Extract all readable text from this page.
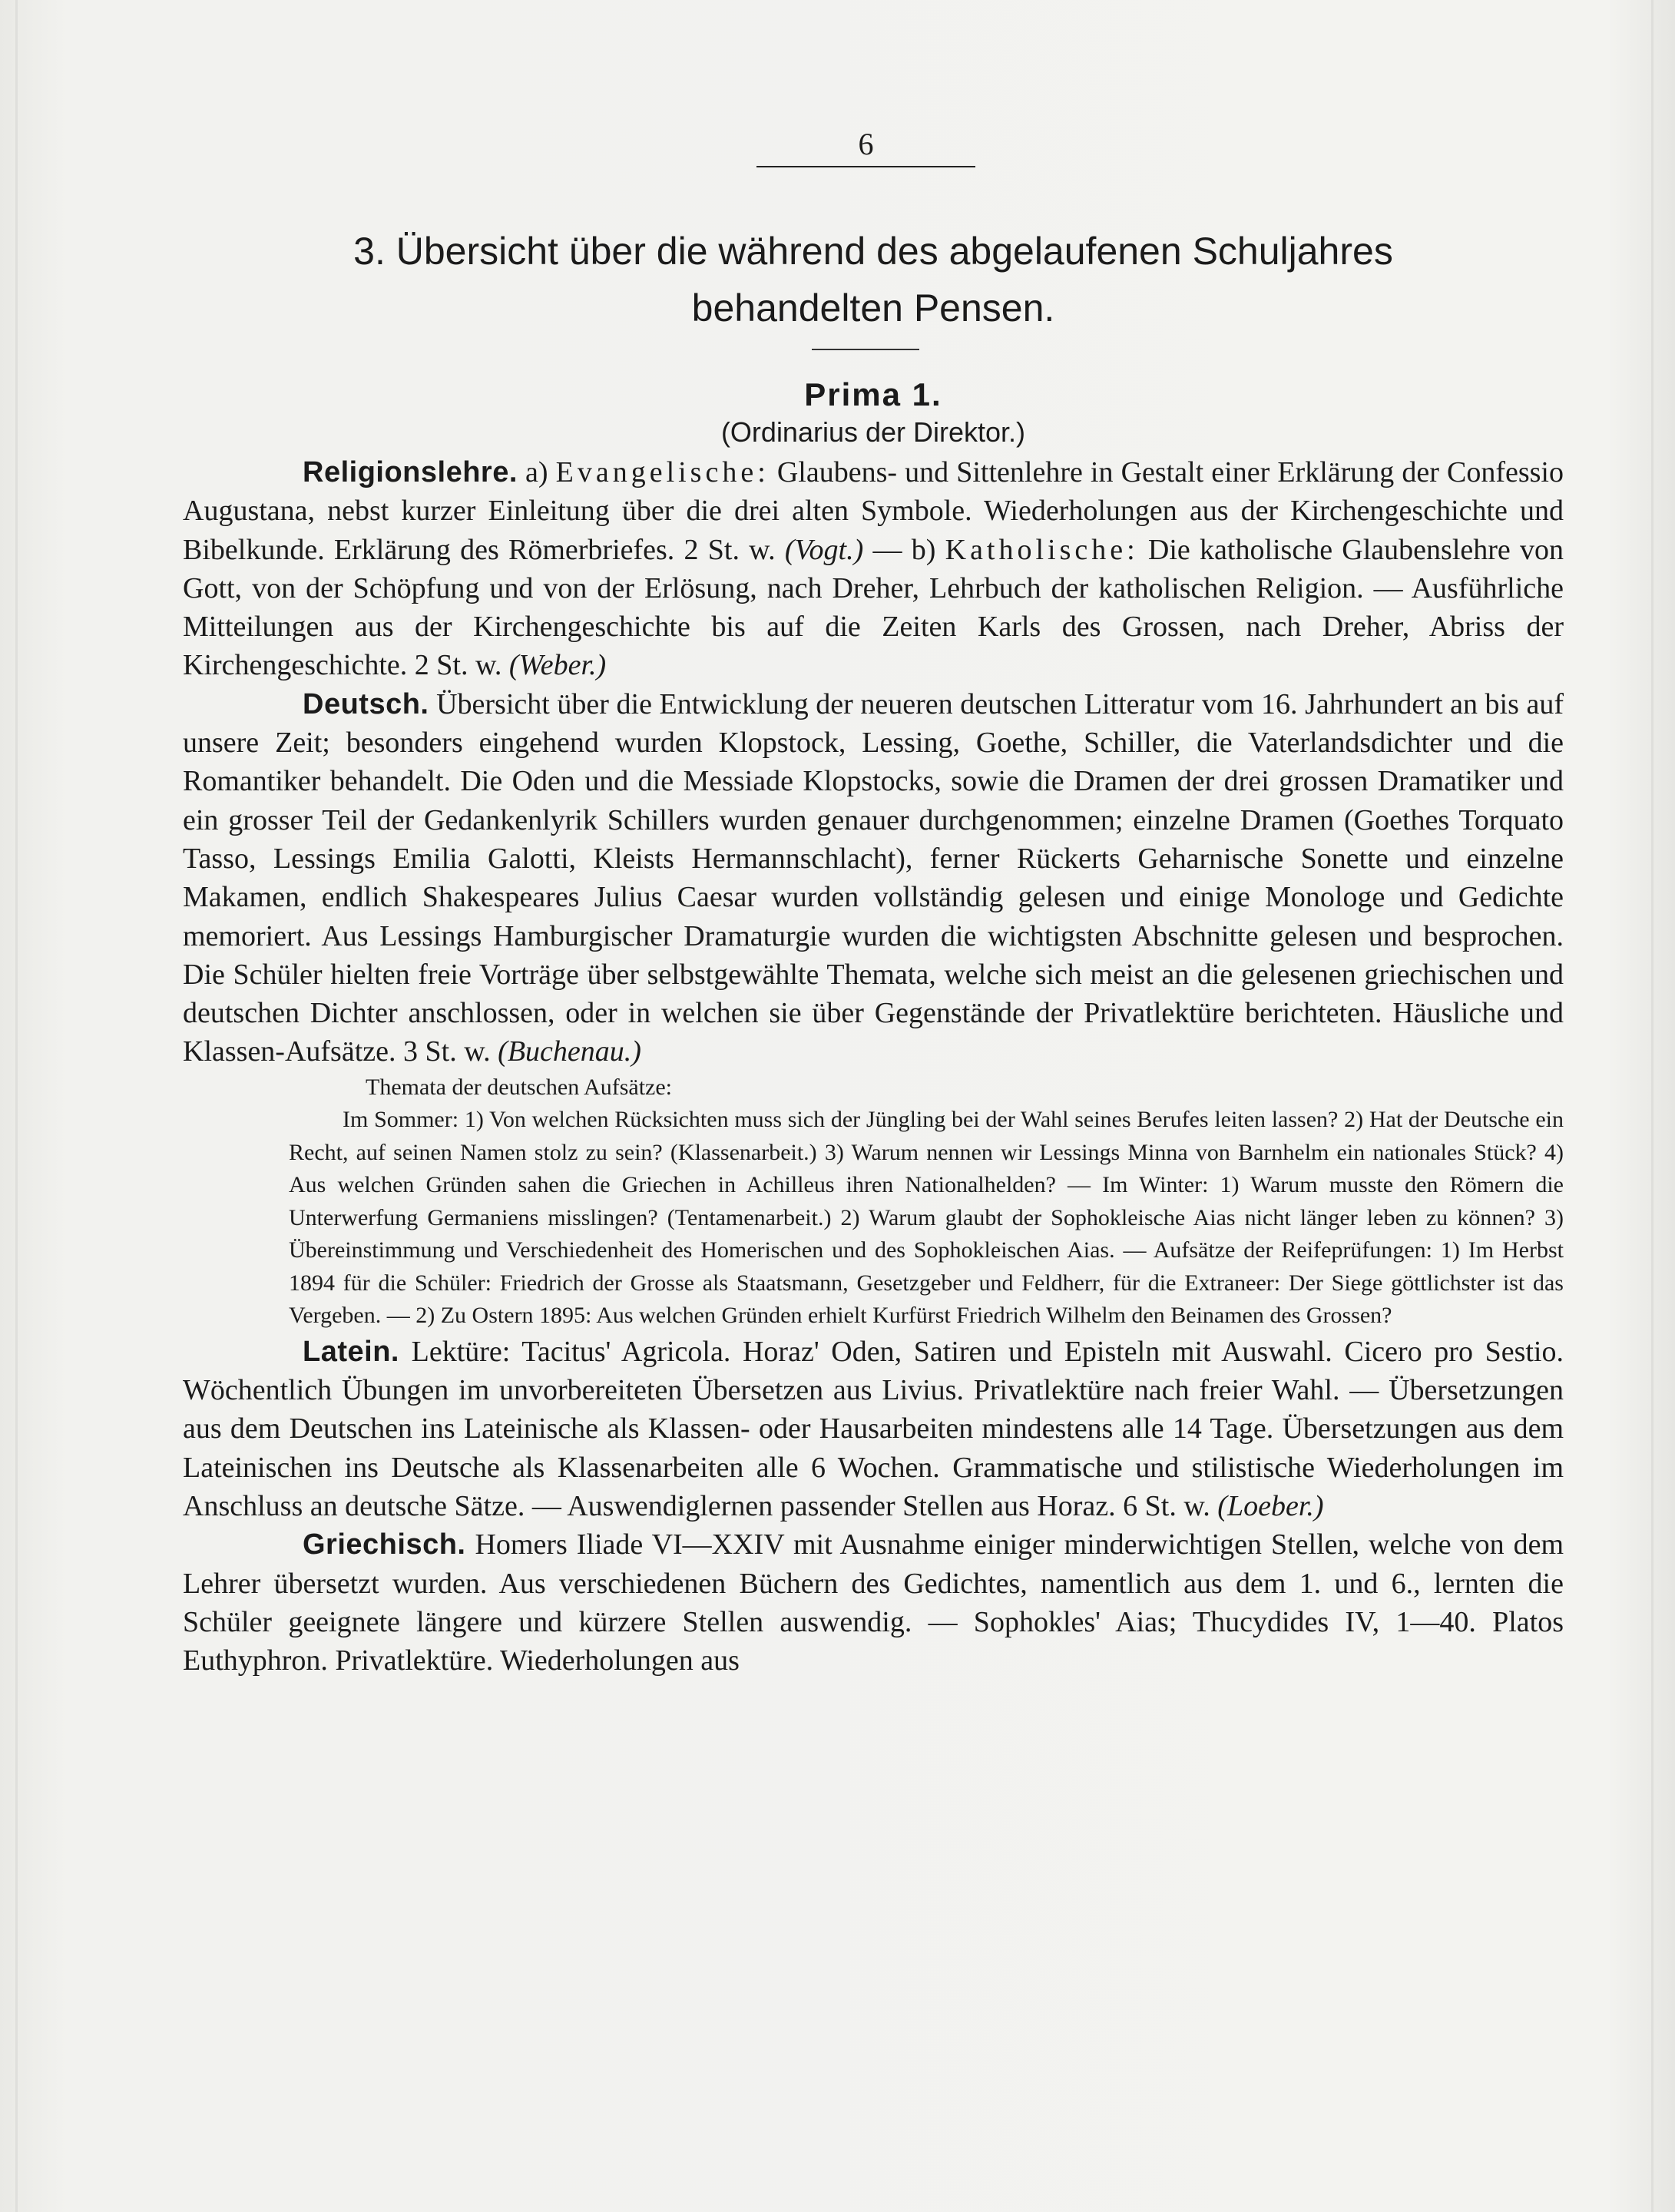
6
3. Übersicht über die während des abgelaufenen Schuljahres
behandelten Pensen.
Prima 1.
(Ordinarius der Direktor.)

Religionslehre. a) Evangelische: Glaubens- und Sittenlehre in Gestalt einer Erklärung der Confessio Augustana, nebst kurzer Einleitung über die drei alten Symbole. Wiederholungen aus der Kirchengeschichte und Bibelkunde. Erklärung des Römerbriefes. 2 St. w. (Vogt.) — b) Katholische: Die katholische Glaubenslehre von Gott, von der Schöpfung und von der Erlösung, nach Dreher, Lehrbuch der katholischen Religion. — Ausführliche Mitteilungen aus der Kirchengeschichte bis auf die Zeiten Karls des Grossen, nach Dreher, Abriss der Kirchengeschichte. 2 St. w. (Weber.)

Deutsch. Übersicht über die Entwicklung der neueren deutschen Litteratur vom 16. Jahrhundert an bis auf unsere Zeit; besonders eingehend wurden Klopstock, Lessing, Goethe, Schiller, die Vaterlandsdichter und die Romantiker behandelt. Die Oden und die Messiade Klopstocks, sowie die Dramen der drei grossen Dramatiker und ein grosser Teil der Gedankenlyrik Schillers wurden genauer durchgenommen; einzelne Dramen (Goethes Torquato Tasso, Lessings Emilia Galotti, Kleists Hermannschlacht), ferner Rückerts Geharnische Sonette und einzelne Makamen, endlich Shakespeares Julius Caesar wurden vollständig gelesen und einige Monologe und Gedichte memoriert. Aus Lessings Hamburgischer Dramaturgie wurden die wichtigsten Abschnitte gelesen und besprochen. Die Schüler hielten freie Vorträge über selbstgewählte Themata, welche sich meist an die gelesenen griechischen und deutschen Dichter anschlossen, oder in welchen sie über Gegenstände der Privatlektüre berichteten. Häusliche und Klassen-Aufsätze. 3 St. w. (Buchenau.)

Themata der deutschen Aufsätze:

Im Sommer: 1) Von welchen Rücksichten muss sich der Jüngling bei der Wahl seines Berufes leiten lassen? 2) Hat der Deutsche ein Recht, auf seinen Namen stolz zu sein? (Klassenarbeit.) 3) Warum nennen wir Lessings Minna von Barnhelm ein nationales Stück? 4) Aus welchen Gründen sahen die Griechen in Achilleus ihren Nationalhelden? — Im Winter: 1) Warum musste den Römern die Unterwerfung Germaniens misslingen? (Tentamenarbeit.) 2) Warum glaubt der Sophokleische Aias nicht länger leben zu können? 3) Übereinstimmung und Verschiedenheit des Homerischen und des Sophokleischen Aias. — Aufsätze der Reifeprüfungen: 1) Im Herbst 1894 für die Schüler: Friedrich der Grosse als Staatsmann, Gesetzgeber und Feldherr, für die Extraneer: Der Siege göttlichster ist das Vergeben. — 2) Zu Ostern 1895: Aus welchen Gründen erhielt Kurfürst Friedrich Wilhelm den Beinamen des Grossen?

Latein. Lektüre: Tacitus' Agricola. Horaz' Oden, Satiren und Episteln mit Auswahl. Cicero pro Sestio. Wöchentlich Übungen im unvorbereiteten Übersetzen aus Livius. Privatlektüre nach freier Wahl. — Übersetzungen aus dem Deutschen ins Lateinische als Klassen- oder Hausarbeiten mindestens alle 14 Tage. Übersetzungen aus dem Lateinischen ins Deutsche als Klassenarbeiten alle 6 Wochen. Grammatische und stilistische Wiederholungen im Anschluss an deutsche Sätze. — Auswendiglernen passender Stellen aus Horaz. 6 St. w. (Loeber.)

Griechisch. Homers Iliade VI—XXIV mit Ausnahme einiger minderwichtigen Stellen, welche von dem Lehrer übersetzt wurden. Aus verschiedenen Büchern des Gedichtes, namentlich aus dem 1. und 6., lernten die Schüler geeignete längere und kürzere Stellen auswendig. — Sophokles' Aias; Thucydides IV, 1—40. Platos Euthyphron. Privatlektüre. Wiederholungen aus
